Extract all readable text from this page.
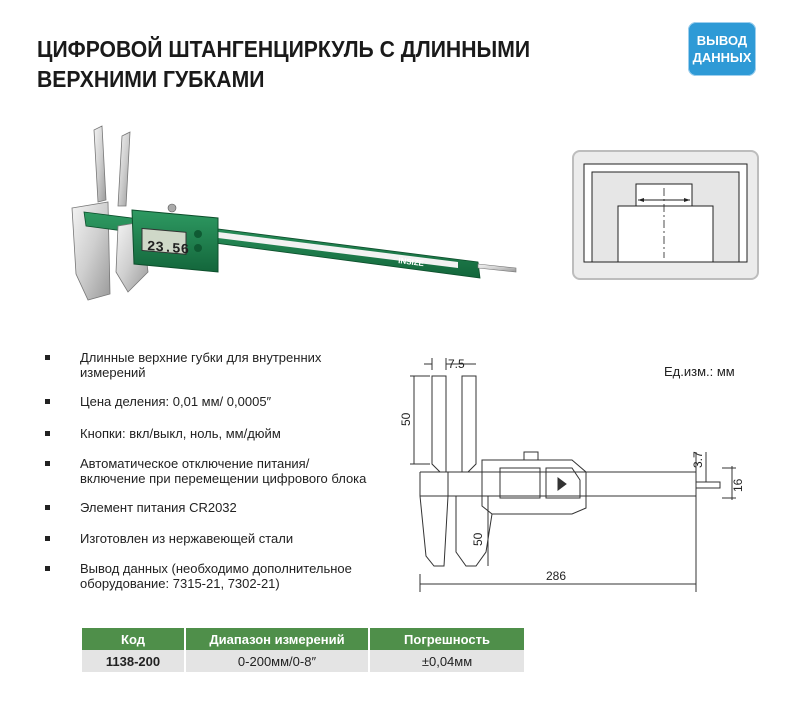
ЦИФРОВОЙ ШТАНГЕНЦИРКУЛЬ С ДЛИННЫМИ
ВЕРХНИМИ ГУБКАМИ
ВЫВОД
ДАННЫХ
23.56
INSIZE
Длинные верхние губки для внутренних
измерений
Цена деления: 0,01 мм/ 0,0005″
Кнопки: вкл/выкл, ноль, мм/дюйм
Автоматическое отключение питания/
включение при перемещении цифрового блока
Элемент питания CR2032
Изготовлен из нержавеющей стали
Вывод данных (необходимо дополнительное
оборудование: 7315-21, 7302-21)
Ед.изм.: мм
7.5
50
50
3.7
16
286
Код	Диапазон измерений	Погрешность
1138-200	0-200мм/0-8″	±0,04мм
